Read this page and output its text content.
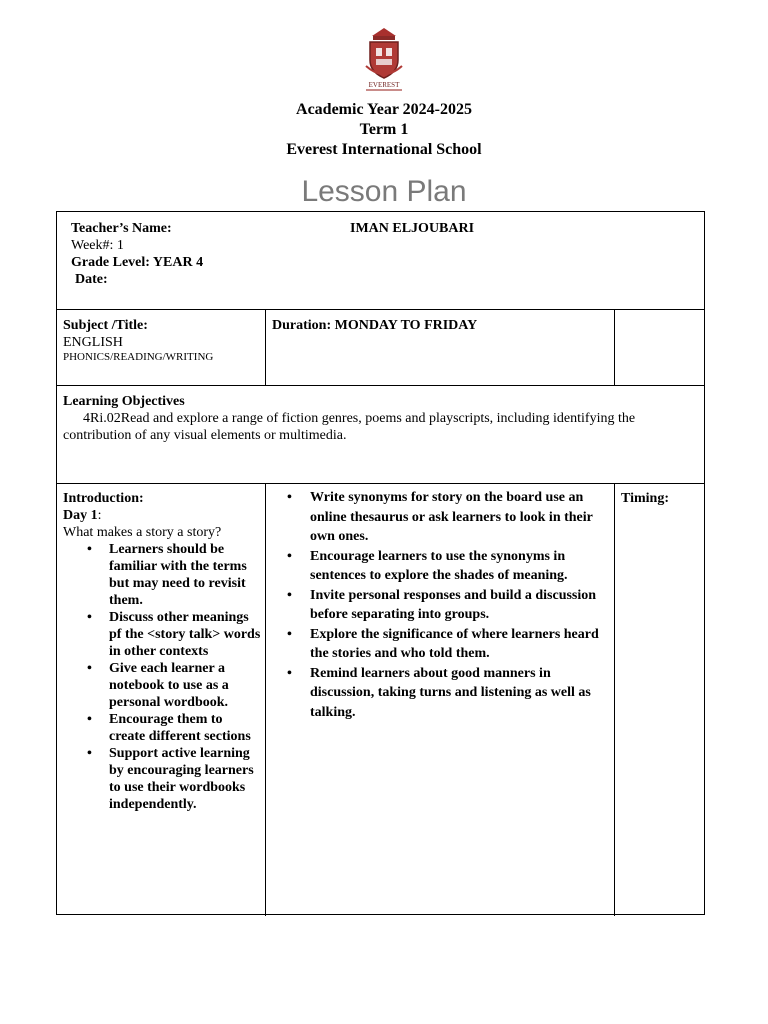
EVEREST
Academic Year 2024-2025
Term 1
Everest International School
Lesson Plan
Teacher’s Name:	IMAN ELJOUBARI
Week#: 1
Grade Level: YEAR 4
Date:
Subject /Title:
ENGLISH
PHONICS/READING/WRITING
Duration: MONDAY TO FRIDAY
Learning Objectives
4Ri.02Read and explore a range of fiction genres, poems and playscripts, including identifying the contribution of any visual elements or multimedia.
Introduction:
Day 1:
What makes a story a story?
• Learners should be familiar with the terms but may need to revisit them.
• Discuss other meanings pf the <story talk> words in other contexts
• Give each learner a notebook to use as a personal wordbook.
• Encourage them to create different sections
• Support active learning by encouraging learners to use their wordbooks independently.
• Write synonyms for story on the board use an online thesaurus or ask learners to look in their own ones.
• Encourage learners to use the synonyms in sentences to explore the shades of meaning.
• Invite personal responses and build a discussion before separating into groups.
• Explore the significance of where learners heard the stories and who told them.
• Remind learners about good manners in discussion, taking turns and listening as well as talking.
Timing:
